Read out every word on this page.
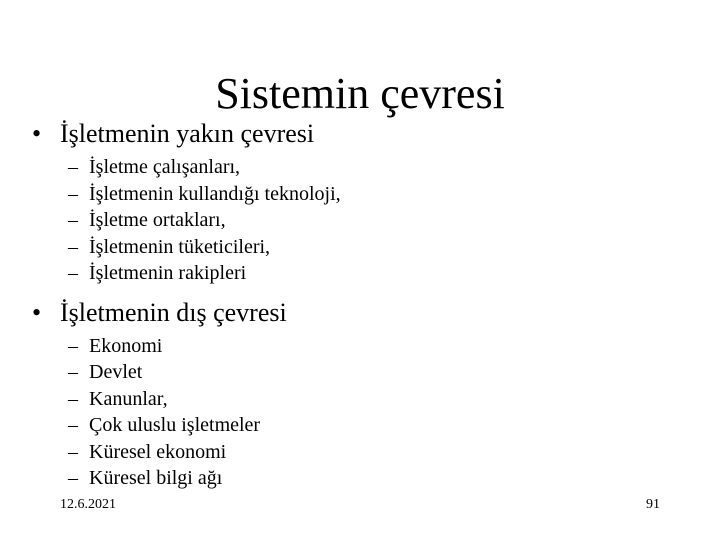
Sistemin çevresi
• İşletmenin yakın çevresi
– İşletme çalışanları,
– İşletmenin kullandığı teknoloji,
– İşletme ortakları,
– İşletmenin tüketicileri,
– İşletmenin rakipleri
• İşletmenin dış çevresi
– Ekonomi
– Devlet
– Kanunlar,
– Çok uluslu işletmeler
– Küresel ekonomi
– Küresel bilgi ağı
12.6.2021	91
